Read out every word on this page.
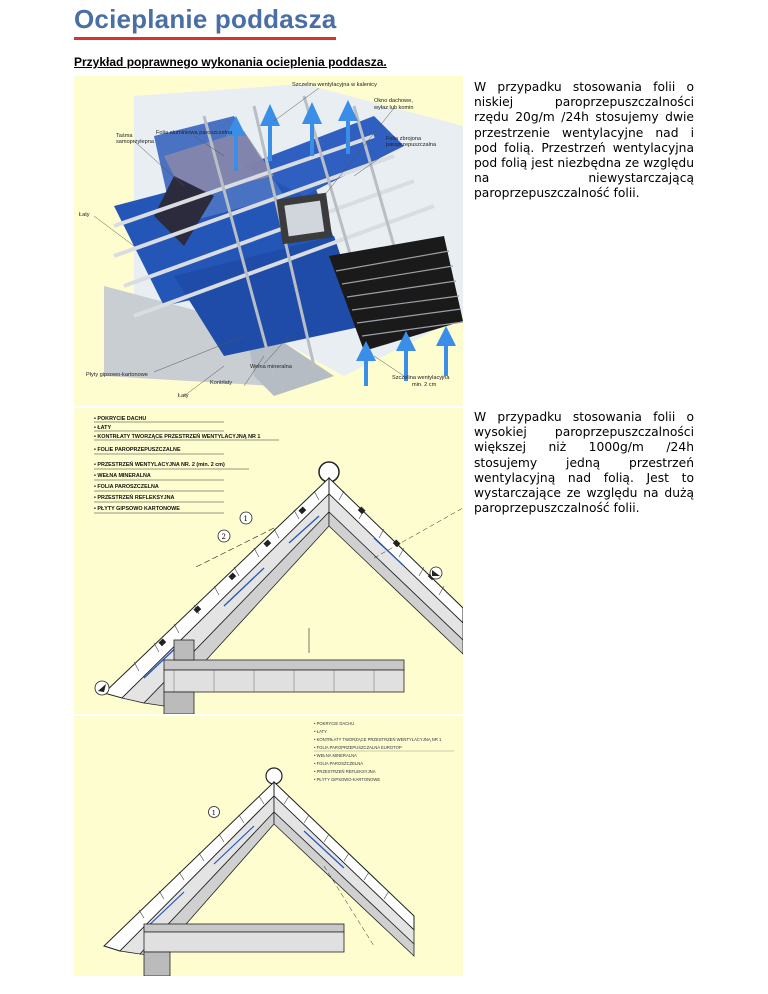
Ocieplanie poddasza

Przykład poprawnego wykonania ocieplenia poddasza.

Szczelina wentylacyjna w kalenicy
Folia aluminiowa paroszczelna
Okno dachowe,
wyłaz lub komin
Taśma
samoprzylepna	Folia zbrojona
paroprzepuszczalna
Łaty
Płyty gipsowo-kartonowe
Wełna mineralna
Kontrłaty
Łaty
Szczelina wentylacyjna
min. 2 cm
• POKRYCIE DACHU
• ŁATY
• KONTRŁATY TWORZĄCE PRZESTRZEŃ WENTYLACYJNĄ NR 1
• FOLIE PAROPRZEPUSZCZALNE
• PRZESTRZEŃ WENTYLACYJNA NR. 2 (min. 2 cm)
• WEŁNA MINERALNA
• FOLIA PAROSZCZELNA
• PRZESTRZEŃ REFLEKSYJNA
• PŁYTY GIPSOWO KARTONOWE
1
2
• POKRYCIE DACHU
• ŁATY
• KONTRŁATY TWORZĄCE PRZESTRZEŃ WENTYLACYJNĄ NR 1
• FOLIA PAROPRZEPUSZCZALNA EUROTOP
• WEŁNA MINERALNA
• FOLIA PAROSZCZELNA
• PRZESTRZEŃ REFLEKSYJNA
• PŁYTY GIPSOWO-KARTONOWE
1

W przypadku stosowania folii o niskiej paroprzepuszczalności rzędu 20g/m /24h stosujemy dwie przestrzenie wentylacyjne nad i pod folią. Przestrzeń wentylacyjna pod folią jest niezbędna ze względu na niewystarczającą paroprzepuszczalność folii.

W przypadku stosowania folii o wysokiej paroprzepuszczalności większej niż 1000g/m /24h stosujemy jedną przestrzeń wentylacyjną nad folią. Jest to wystarczające ze względu na dużą paroprzepuszczalność folii.
